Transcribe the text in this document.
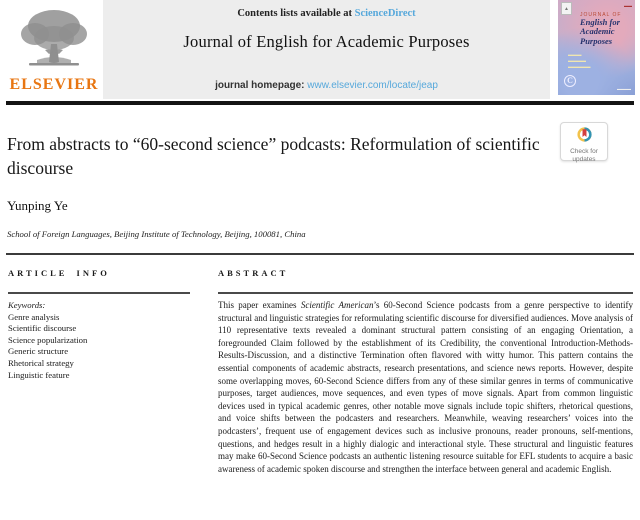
ELSEVIER
Contents lists available at ScienceDirect
Journal of English for Academic Purposes
journal homepage: www.elsevier.com/locate/jeap
▲
▬▬
JOURNAL OF
English for Academic Purposes
▬▬▬
▬▬▬▬
▬▬▬▬▬
C
▬▬▬▬
From abstracts to “60-second science” podcasts: Reformulation of scientific discourse
Check for
updates
Yunping Ye
School of Foreign Languages, Beijing Institute of Technology, Beijing, 100081, China
ARTICLE INFO	ABSTRACT
Keywords:
Genre analysis
Scientific discourse
Science popularization
Generic structure
Rhetorical strategy
Linguistic feature

This paper examines Scientific American’s 60-Second Science podcasts from a genre perspective to identify structural and linguistic strategies for reformulating scientific discourse for diversified audiences. Move analysis of 110 representative texts revealed a dominant structural pattern consisting of an engaging Orientation, a foregrounded Claim followed by the establishment of its Credibility, the conventional Introduction-Methods-Results-Discussion, and a distinctive Termination often flavored with witty humor. This pattern contains the essential components of academic abstracts, research presentations, and science news reports. However, despite some overlapping moves, 60-Second Science differs from any of these similar genres in terms of communicative purposes, target audiences, move sequences, and even types of move signals. Apart from common linguistic devices used in typical academic genres, other notable move signals include topic shifters, rhetorical questions, and voice shifts between the podcasters and researchers. Meanwhile, weaving researchers’ voices into the podcasters’, frequent use of engagement devices such as inclusive pronouns, reader pronouns, self-mentions, questions, and hedges result in a highly dialogic and interactional style. These structural and linguistic features may make 60-Second Science podcasts an authentic listening resource suitable for EFL students to acquire a basic awareness of academic spoken discourse and strengthen the interface between general and academic English.
